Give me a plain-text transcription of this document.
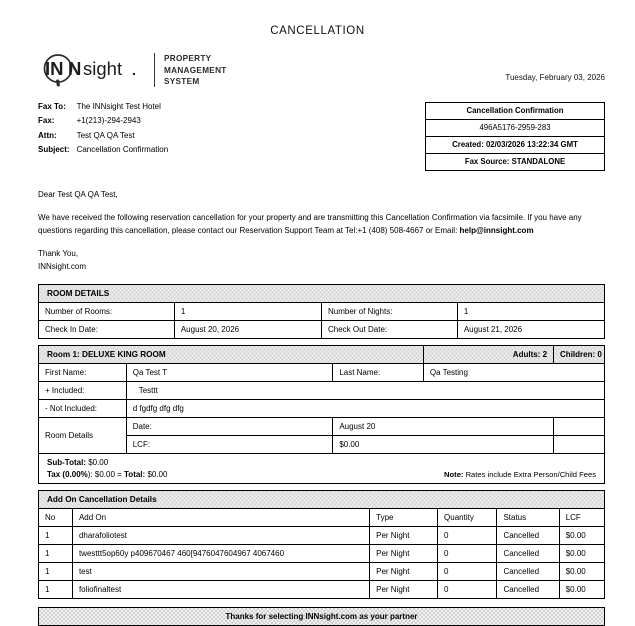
CANCELLATION
IN N sight	PROPERTY
MANAGEMENT
SYSTEM	Tuesday, February 03, 2026
Fax To:	The INNsight Test Hotel
Fax:	+1(213)-294-2943
Attn:	Test QA QA Test
Subject:	Cancellation Confirmation
Cancellation Confirmation
496A5176-2959-283
Created: 02/03/2026 13:22:34 GMT
Fax Source: STANDALONE

Dear Test QA QA Test,

We have received the following reservation cancellation for your property and are transmitting this Cancellation Confirmation via facsimile. If you have any questions regarding this cancellation, please contact our Reservation Support Team at Tel:+1 (408) 508-4667 or Email: help@innsight.com

Thank You,

INNsight.com

ROOM DETAILS			
Number of Rooms:	1	Number of Nights:	1
Check In Date:	August 20, 2026	Check Out Date:	August 21, 2026
Room 1: DELUXE KING ROOM			Adults: 2	Children: 0
First Name:	Qa Test T	Last Name:	Qa Testing	
+ Included:	Testtt			
- Not Included:	d fgdfg dfg dfg			
Room Details	Date:	August 20		
	LCF:	$0.00		

Sub-Total: $0.00
Tax (0.00%): $0.00 = Total: $0.00 Note: Rates include Extra Person/Child Fees				
Add On Cancellation Details					
No	Add On	Type	Quantity	Status	LCF
1	dharafoliotest	Per Night	0	Cancelled	$0.00
1	twesttt5op60y p409670467 460[9476047604967 4067460	Per Night	0	Cancelled	$0.00
1	test	Per Night	0	Cancelled	$0.00
1	foliofinaltest	Per Night	0	Cancelled	$0.00
Thanks for selecting INNsight.com as your partner
